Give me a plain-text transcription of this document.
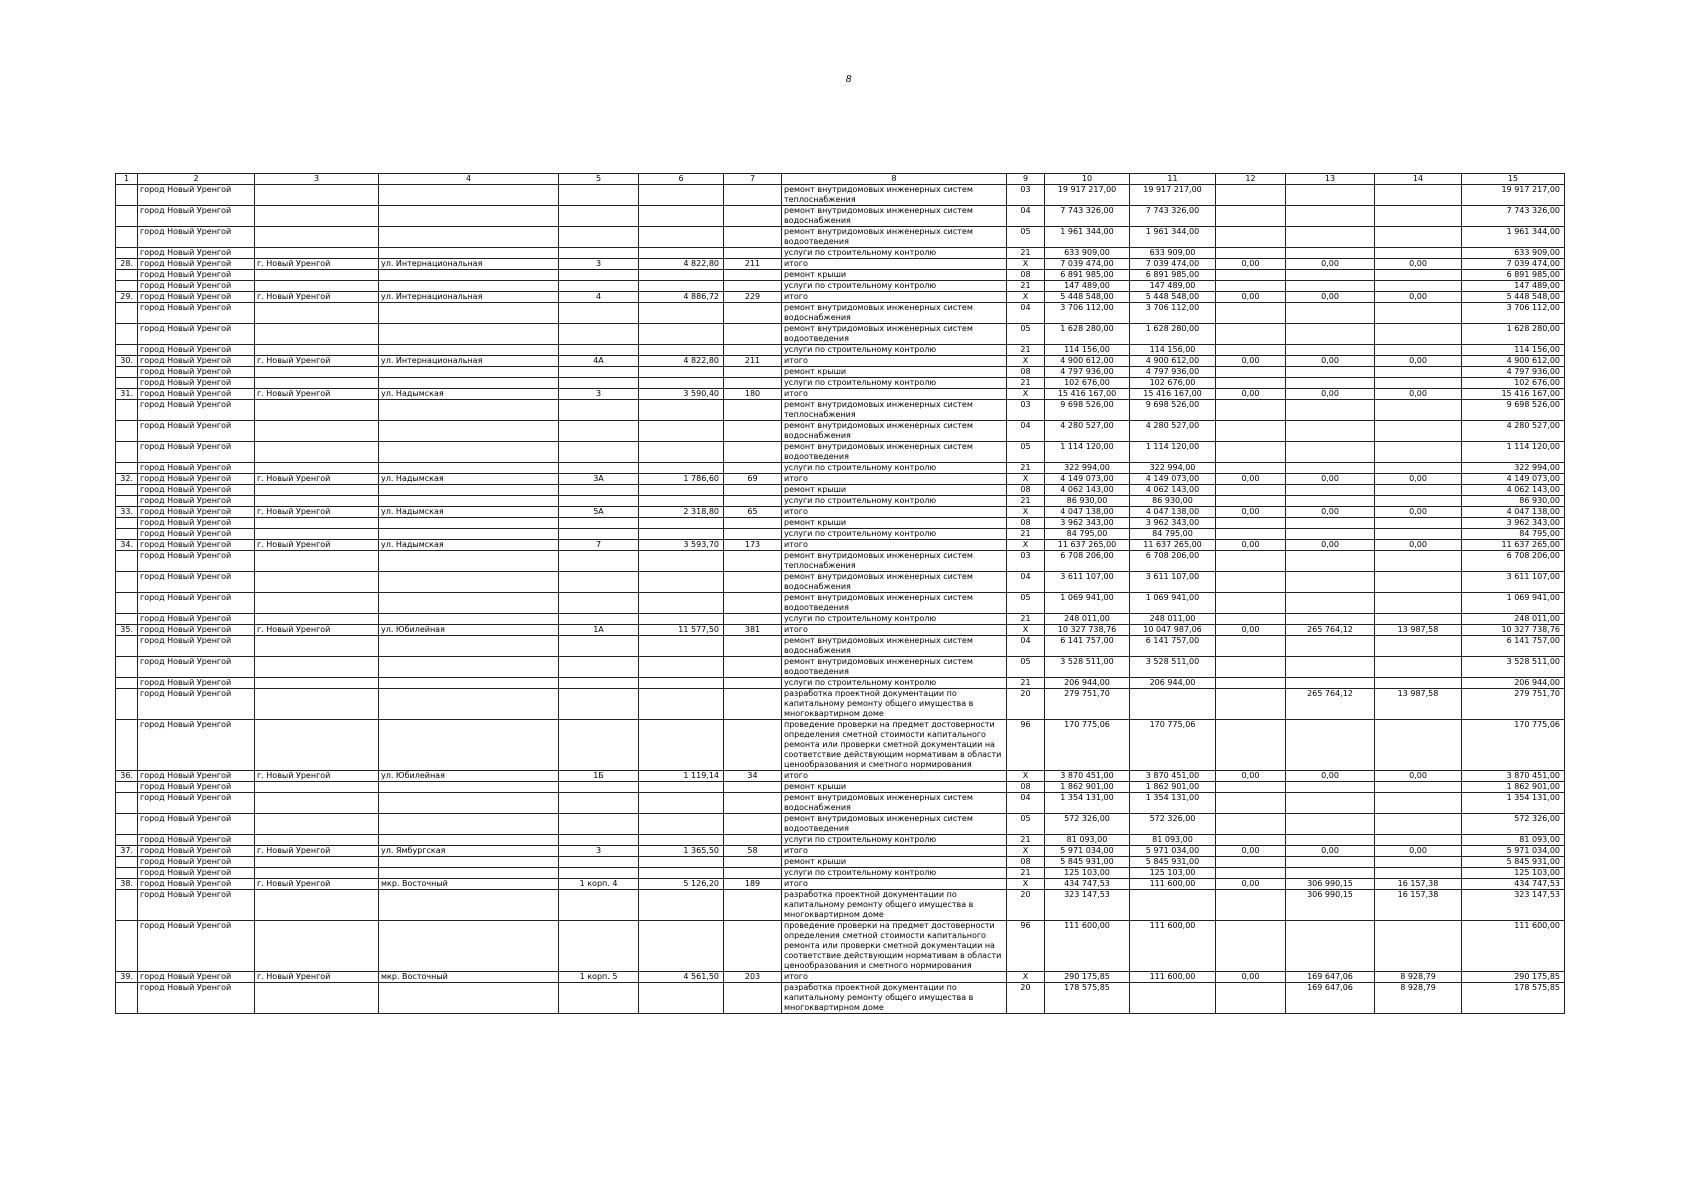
8
1	2	3	4	5	6	7	8	9	10	11	12	13	14	15
	город Новый Уренгой						ремонт внутридомовых инженерных систем теплоснабжения	03	19 917 217,00	19 917 217,00				19 917 217,00
	город Новый Уренгой						ремонт внутридомовых инженерных систем водоснабжения	04	7 743 326,00	7 743 326,00				7 743 326,00
	город Новый Уренгой						ремонт внутридомовых инженерных систем водоотведения	05	1 961 344,00	1 961 344,00				1 961 344,00
	город Новый Уренгой						услуги по строительному контролю	21	633 909,00	633 909,00				633 909,00
28.	город Новый Уренгой	г. Новый Уренгой	ул. Интернациональная	3	4 822,80	211	итого	X	7 039 474,00	7 039 474,00	0,00	0,00	0,00	7 039 474,00
	город Новый Уренгой						ремонт крыши	08	6 891 985,00	6 891 985,00				6 891 985,00
	город Новый Уренгой						услуги по строительному контролю	21	147 489,00	147 489,00				147 489,00
29.	город Новый Уренгой	г. Новый Уренгой	ул. Интернациональная	4	4 886,72	229	итого	X	5 448 548,00	5 448 548,00	0,00	0,00	0,00	5 448 548,00
	город Новый Уренгой						ремонт внутридомовых инженерных систем водоснабжения	04	3 706 112,00	3 706 112,00				3 706 112,00
	город Новый Уренгой						ремонт внутридомовых инженерных систем водоотведения	05	1 628 280,00	1 628 280,00				1 628 280,00
	город Новый Уренгой						услуги по строительному контролю	21	114 156,00	114 156,00				114 156,00
30.	город Новый Уренгой	г. Новый Уренгой	ул. Интернациональная	4А	4 822,80	211	итого	X	4 900 612,00	4 900 612,00	0,00	0,00	0,00	4 900 612,00
	город Новый Уренгой						ремонт крыши	08	4 797 936,00	4 797 936,00				4 797 936,00
	город Новый Уренгой						услуги по строительному контролю	21	102 676,00	102 676,00				102 676,00
31.	город Новый Уренгой	г. Новый Уренгой	ул. Надымская	3	3 590,40	180	итого	X	15 416 167,00	15 416 167,00	0,00	0,00	0,00	15 416 167,00
	город Новый Уренгой						ремонт внутридомовых инженерных систем теплоснабжения	03	9 698 526,00	9 698 526,00				9 698 526,00
	город Новый Уренгой						ремонт внутридомовых инженерных систем водоснабжения	04	4 280 527,00	4 280 527,00				4 280 527,00
	город Новый Уренгой						ремонт внутридомовых инженерных систем водоотведения	05	1 114 120,00	1 114 120,00				1 114 120,00
	город Новый Уренгой						услуги по строительному контролю	21	322 994,00	322 994,00				322 994,00
32.	город Новый Уренгой	г. Новый Уренгой	ул. Надымская	3А	1 786,60	69	итого	X	4 149 073,00	4 149 073,00	0,00	0,00	0,00	4 149 073,00
	город Новый Уренгой						ремонт крыши	08	4 062 143,00	4 062 143,00				4 062 143,00
	город Новый Уренгой						услуги по строительному контролю	21	86 930,00	86 930,00				86 930,00
33.	город Новый Уренгой	г. Новый Уренгой	ул. Надымская	5А	2 318,80	65	итого	X	4 047 138,00	4 047 138,00	0,00	0,00	0,00	4 047 138,00
	город Новый Уренгой						ремонт крыши	08	3 962 343,00	3 962 343,00				3 962 343,00
	город Новый Уренгой						услуги по строительному контролю	21	84 795,00	84 795,00				84 795,00
34.	город Новый Уренгой	г. Новый Уренгой	ул. Надымская	7	3 593,70	173	итого	X	11 637 265,00	11 637 265,00	0,00	0,00	0,00	11 637 265,00
	город Новый Уренгой						ремонт внутридомовых инженерных систем теплоснабжения	03	6 708 206,00	6 708 206,00				6 708 206,00
	город Новый Уренгой						ремонт внутридомовых инженерных систем водоснабжения	04	3 611 107,00	3 611 107,00				3 611 107,00
	город Новый Уренгой						ремонт внутридомовых инженерных систем водоотведения	05	1 069 941,00	1 069 941,00				1 069 941,00
	город Новый Уренгой						услуги по строительному контролю	21	248 011,00	248 011,00				248 011,00
35.	город Новый Уренгой	г. Новый Уренгой	ул. Юбилейная	1А	11 577,50	381	итого	X	10 327 738,76	10 047 987,06	0,00	265 764,12	13 987,58	10 327 738,76
	город Новый Уренгой						ремонт внутридомовых инженерных систем водоснабжения	04	6 141 757,00	6 141 757,00				6 141 757,00
	город Новый Уренгой						ремонт внутридомовых инженерных систем водоотведения	05	3 528 511,00	3 528 511,00				3 528 511,00
	город Новый Уренгой						услуги по строительному контролю	21	206 944,00	206 944,00				206 944,00
	город Новый Уренгой						разработка проектной документации по капитальному ремонту общего имущества в многоквартирном доме	20	279 751,70			265 764,12	13 987,58	279 751,70
	город Новый Уренгой						проведение проверки на предмет достоверности определения сметной стоимости капитального ремонта или проверки сметной документации на соответствие действующим нормативам в области ценообразования и сметного нормирования	96	170 775,06	170 775,06				170 775,06
36.	город Новый Уренгой	г. Новый Уренгой	ул. Юбилейная	1Б	1 119,14	34	итого	X	3 870 451,00	3 870 451,00	0,00	0,00	0,00	3 870 451,00
	город Новый Уренгой						ремонт крыши	08	1 862 901,00	1 862 901,00				1 862 901,00
	город Новый Уренгой						ремонт внутридомовых инженерных систем водоснабжения	04	1 354 131,00	1 354 131,00				1 354 131,00
	город Новый Уренгой						ремонт внутридомовых инженерных систем водоотведения	05	572 326,00	572 326,00				572 326,00
	город Новый Уренгой						услуги по строительному контролю	21	81 093,00	81 093,00				81 093,00
37.	город Новый Уренгой	г. Новый Уренгой	ул. Ямбургская	3	1 365,50	58	итого	X	5 971 034,00	5 971 034,00	0,00	0,00	0,00	5 971 034,00
	город Новый Уренгой						ремонт крыши	08	5 845 931,00	5 845 931,00				5 845 931,00
	город Новый Уренгой						услуги по строительному контролю	21	125 103,00	125 103,00				125 103,00
38.	город Новый Уренгой	г. Новый Уренгой	мкр. Восточный	1 корп. 4	5 126,20	189	итого	X	434 747,53	111 600,00	0,00	306 990,15	16 157,38	434 747,53
	город Новый Уренгой						разработка проектной документации по капитальному ремонту общего имущества в многоквартирном доме	20	323 147,53			306 990,15	16 157,38	323 147,53
	город Новый Уренгой						проведение проверки на предмет достоверности определения сметной стоимости капитального ремонта или проверки сметной документации на соответствие действующим нормативам в области ценообразования и сметного нормирования	96	111 600,00	111 600,00				111 600,00
39.	город Новый Уренгой	г. Новый Уренгой	мкр. Восточный	1 корп. 5	4 561,50	203	итого	X	290 175,85	111 600,00	0,00	169 647,06	8 928,79	290 175,85
	город Новый Уренгой						разработка проектной документации по капитальному ремонту общего имущества в многоквартирном доме	20	178 575,85			169 647,06	8 928,79	178 575,85
